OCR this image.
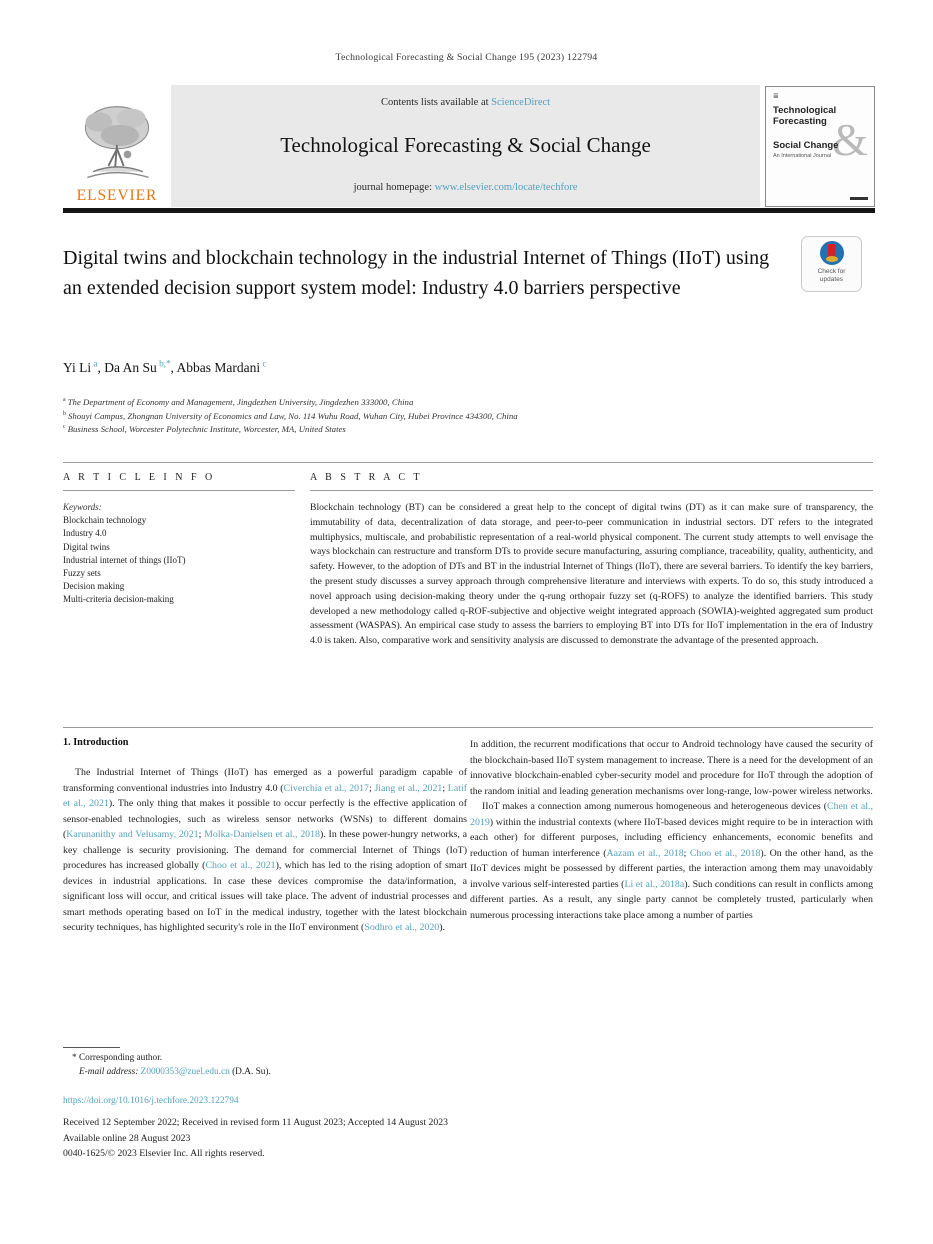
Technological Forecasting & Social Change 195 (2023) 122794
ELSEVIER
Contents lists available at ScienceDirect
Technological Forecasting & Social Change
journal homepage: www.elsevier.com/locate/techfore
≣
&
Technological
Forecasting
Social Change
An International Journal
Digital twins and blockchain technology in the industrial Internet of Things (IIoT) using an extended decision support system model: Industry 4.0 barriers perspective
Check for updates
Yi Li $^a$, Da An Su $^{b,*}$, Abbas Mardani $^c$
$^a$ The Department of Economy and Management, Jingdezhen University, Jingdezhen 333000, China
$^b$ Shouyi Campus, Zhongnan University of Economics and Law, No. 114 Wuhu Road, Wuhan City, Hubei Province 434300, China
$^c$ Business School, Worcester Polytechnic Institute, Worcester, MA, United States
A R T I C L E I N F O
Keywords:
Blockchain technology
Industry 4.0
Digital twins
Industrial internet of things (IIoT)
Fuzzy sets
Decision making
Multi-criteria decision-making
A B S T R A C T

Blockchain technology (BT) can be considered a great help to the concept of digital twins (DT) as it can make sure of transparency, the immutability of data, decentralization of data storage, and peer-to-peer communication in industrial sectors. DT refers to the integrated multiphysics, multiscale, and probabilistic representation of a real-world physical component. The current study attempts to well envisage the ways blockchain can restructure and transform DTs to provide secure manufacturing, assuring compliance, traceability, quality, authenticity, and safety. However, to the adoption of DTs and BT in the industrial Internet of Things (IIoT), there are several barriers. To identify the key barriers, the present study discusses a survey approach through comprehensive literature and interviews with experts. To do so, this study introduced a novel approach using decision-making theory under the q-rung orthopair fuzzy set (q-ROFS) to analyze the identified barriers. This study developed a new methodology called q-ROF-subjective and objective weight integrated approach (SOWIA)-weighted aggregated sum product assessment (WASPAS). An empirical case study to assess the barriers to employing BT into DTs for IIoT implementation in the era of Industry 4.0 is taken. Also, comparative work and sensitivity analysis are discussed to demonstrate the advantage of the presented approach.

1. Introduction

The Industrial Internet of Things (IIoT) has emerged as a powerful paradigm capable of transforming conventional industries into Industry 4.0 (Civerchia et al., 2017; Jiang et al., 2021; Latif et al., 2021). The only thing that makes it possible to occur perfectly is the effective application of sensor-enabled technologies, such as wireless sensor networks (WSNs) to different domains (Karunanithy and Velusamy, 2021; Molka-Danielsen et al., 2018). In these power-hungry networks, a key challenge is security provisioning. The demand for commercial Internet of Things (IoT) procedures has increased globally (Choo et al., 2021), which has led to the rising adoption of smart devices in industrial applications. In case these devices compromise the data/information, a significant loss will occur, and critical issues will take place. The advent of industrial processes and smart methods operating based on IoT in the medical industry, together with the latest blockchain security techniques, has highlighted security's role in the IIoT environment (Sodhro et al., 2020).

In addition, the recurrent modifications that occur to Android technology have caused the security of the blockchain-based IIoT system management to increase. There is a need for the development of an innovative blockchain-enabled cyber-security model and procedure for IIoT through the adoption of the random initial and leading generation mechanisms over long-range, low-power wireless networks.

IIoT makes a connection among numerous homogeneous and heterogeneous devices (Chen et al., 2019) within the industrial contexts (where IIoT-based devices might require to be in interaction with each other) for different purposes, including efficiency enhancements, economic benefits and reduction of human interference (Aazam et al., 2018; Choo et al., 2018). On the other hand, as the IIoT devices might be possessed by different parties, the interaction among them may unavoidably involve various self-interested parties (Li et al., 2018a). Such conditions can result in conflicts among different parties. As a result, any single party cannot be completely trusted, particularly when numerous processing interactions take place among a number of parties

* Corresponding author.
E-mail address: Z0000353@zuel.edu.cn (D.A. Su).
https://doi.org/10.1016/j.techfore.2023.122794
Received 12 September 2022; Received in revised form 11 August 2023; Accepted 14 August 2023
Available online 28 August 2023
0040-1625/© 2023 Elsevier Inc. All rights reserved.
